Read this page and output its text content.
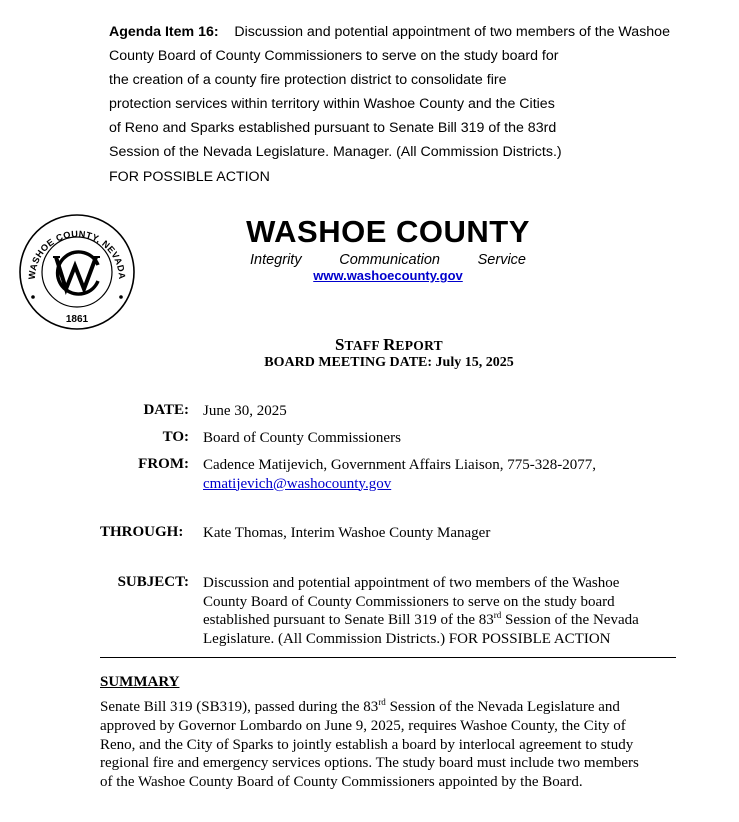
Agenda Item 16: Discussion and potential appointment of two members of the Washoe
County Board of County Commissioners to serve on the study board for
the creation of a county fire protection district to consolidate fire
protection services within territory within Washoe County and the Cities
of Reno and Sparks established pursuant to Senate Bill 319 of the 83rd
Session of the Nevada Legislature. Manager. (All Commission Districts.)
FOR POSSIBLE ACTION
WASHOE COUNTY, NEVADA
1861
WASHOE COUNTY
Integrity	Communication	Service
www.washoecounty.gov
STAFF REPORT
BOARD MEETING DATE: July 15, 2025
DATE: June 30, 2025
TO: Board of County Commissioners
FROM: Cadence Matijevich, Government Affairs Liaison, 775-328-2077,
cmatijevich@washocounty.gov
THROUGH:	Kate Thomas, Interim Washoe County Manager
SUBJECT: Discussion and potential appointment of two members of the Washoe
County Board of County Commissioners to serve on the study board
established pursuant to Senate Bill 319 of the 83rd Session of the Nevada
Legislature. (All Commission Districts.) FOR POSSIBLE ACTION
SUMMARY
Senate Bill 319 (SB319), passed during the 83rd Session of the Nevada Legislature and
approved by Governor Lombardo on June 9, 2025, requires Washoe County, the City of
Reno, and the City of Sparks to jointly establish a board by interlocal agreement to study
regional fire and emergency services options. The study board must include two members
of the Washoe County Board of County Commissioners appointed by the Board.
